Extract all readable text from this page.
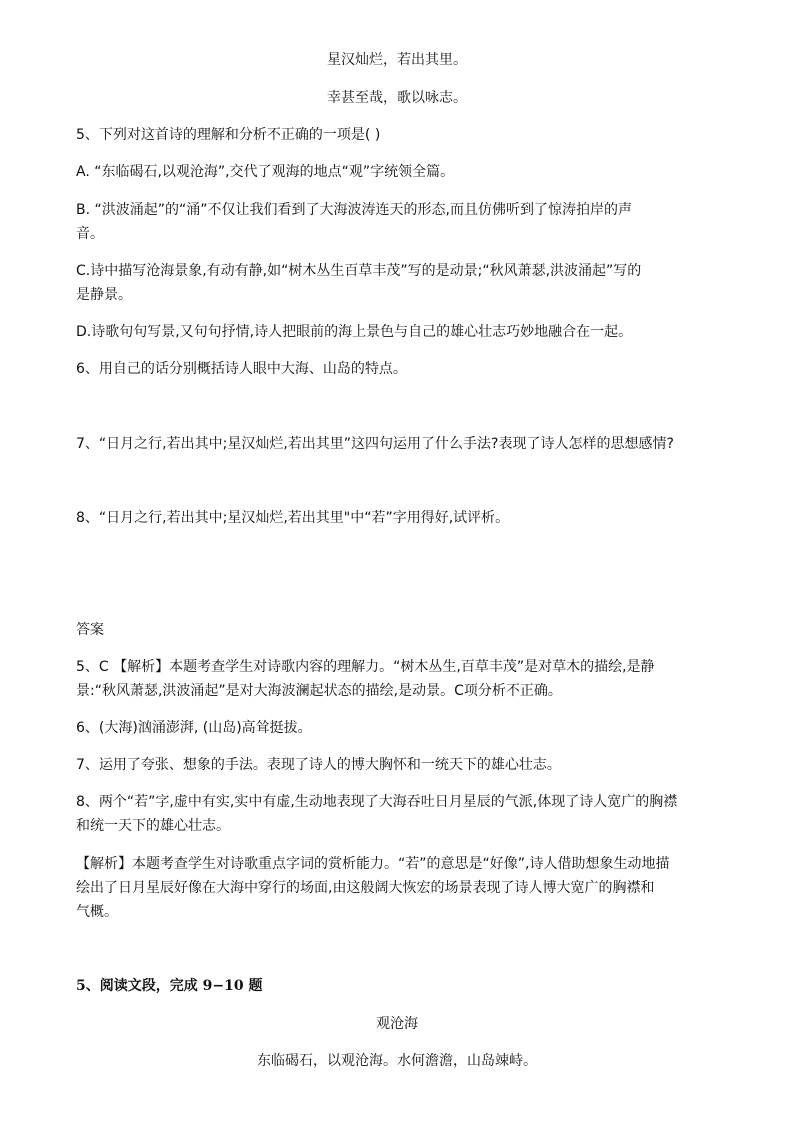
星汉灿烂，若出其里。

幸甚至哉，歌以咏志。

5、下列对这首诗的理解和分析不正确的一项是( )

A. “东临碣石,以观沧海”,交代了观海的地点“观”字统领全篇。

B. “洪波涌起”的“涌”不仅让我们看到了大海波涛连天的形态,而且仿佛听到了惊涛拍岸的声

音。

C.诗中描写沧海景象,有动有静,如“树木丛生百草丰茂”写的是动景;“秋风萧瑟,洪波涌起”写的

是静景。

D.诗歌句句写景,又句句抒情,诗人把眼前的海上景色与自己的雄心壮志巧妙地融合在一起。

6、用自己的话分别概括诗人眼中大海、山岛的特点。

7、“日月之行,若出其中;星汉灿烂,若出其里”这四句运用了什么手法?表现了诗人怎样的思想感情?

8、“日月之行,若出其中;星汉灿烂,若出其里"中“若”字用得好,试评析。

答案

5、C 【解析】本题考查学生对诗歌内容的理解力。“树木丛生,百草丰茂”是对草木的描绘,是静

景:“秋风萧瑟,洪波涌起”是对大海波澜起状态的描绘,是动景。C项分析不正确。

6、(大海)汹涌澎湃, (山岛)高耸挺拔。

7、运用了夸张、想象的手法。表现了诗人的博大胸怀和一统天下的雄心壮志。

8、两个“若”字,虚中有实,实中有虚,生动地表现了大海吞吐日月星辰的气派,体现了诗人宽广的胸襟

和统一天下的雄心壮志。

【解析】本题考查学生对诗歌重点字词的赏析能力。“若”的意思是“好像”,诗人借助想象生动地描

绘出了日月星辰好像在大海中穿行的场面,由这般阔大恢宏的场景表现了诗人博大宽广的胸襟和

气概。

5、阅读文段，完成 9−10 题

观沧海

东临碣石，以观沧海。水何澹澹，山岛竦峙。
